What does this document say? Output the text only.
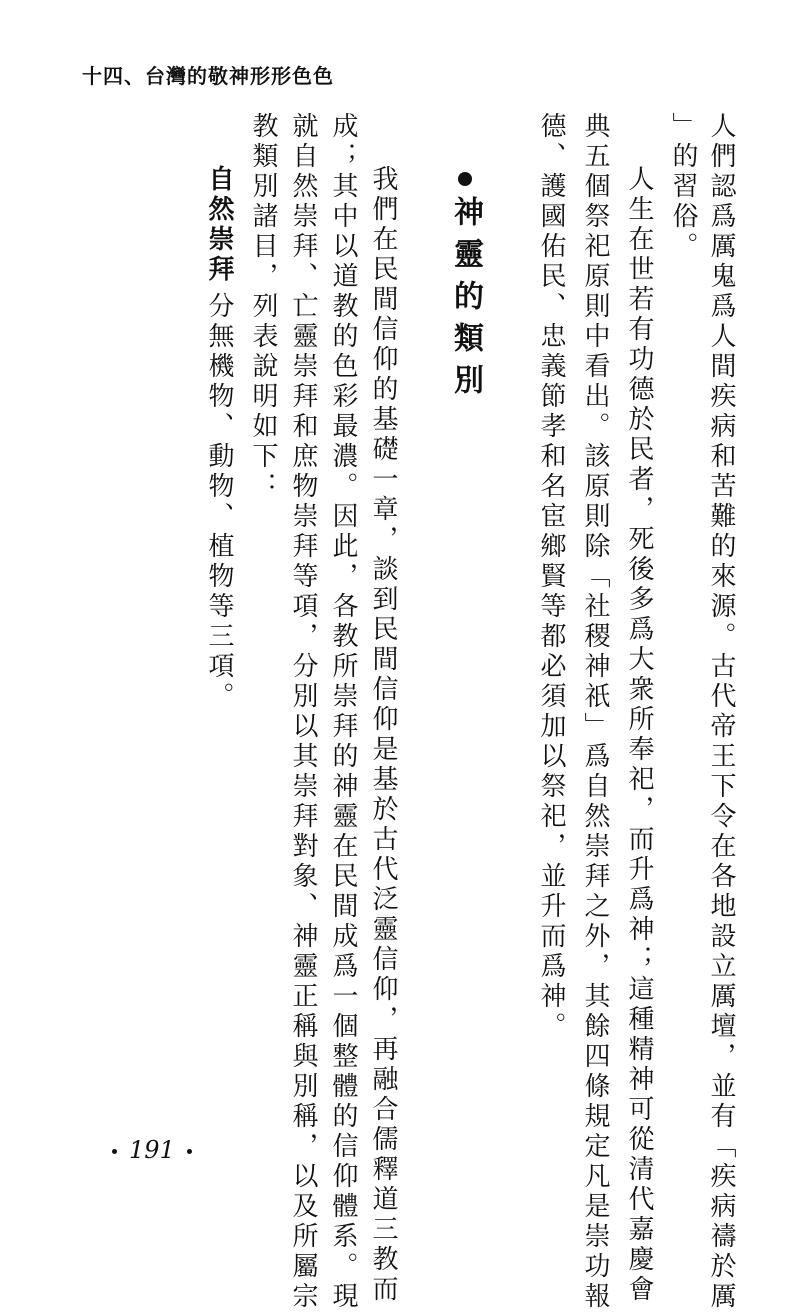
十四、台灣的敬神形形色色
人們認爲厲鬼爲人間疾病和苦難的來源。古代帝王下令在各地設立厲壇，並有「疾病禱於厲
」的習俗。
人生在世若有功德於民者，死後多爲大衆所奉祀，而升爲神；這種精神可從清代嘉慶會
典五個祭祀原則中看出。該原則除「社稷神祇」爲自然崇拜之外，其餘四條規定凡是崇功報
德、護國佑民、忠義節孝和名宦鄉賢等都必須加以祭祀，並升而爲神。
神靈的類別
我們在民間信仰的基礎一章，談到民間信仰是基於古代泛靈信仰，再融合儒釋道三教而
成；其中以道教的色彩最濃。因此，各教所崇拜的神靈在民間成爲一個整體的信仰體系。現
就自然崇拜、亡靈崇拜和庶物崇拜等項，分別以其崇拜對象、神靈正稱與別稱，以及所屬宗
教類別諸目，列表說明如下：
自然崇拜
分無機物、動物、植物等三項。
191
